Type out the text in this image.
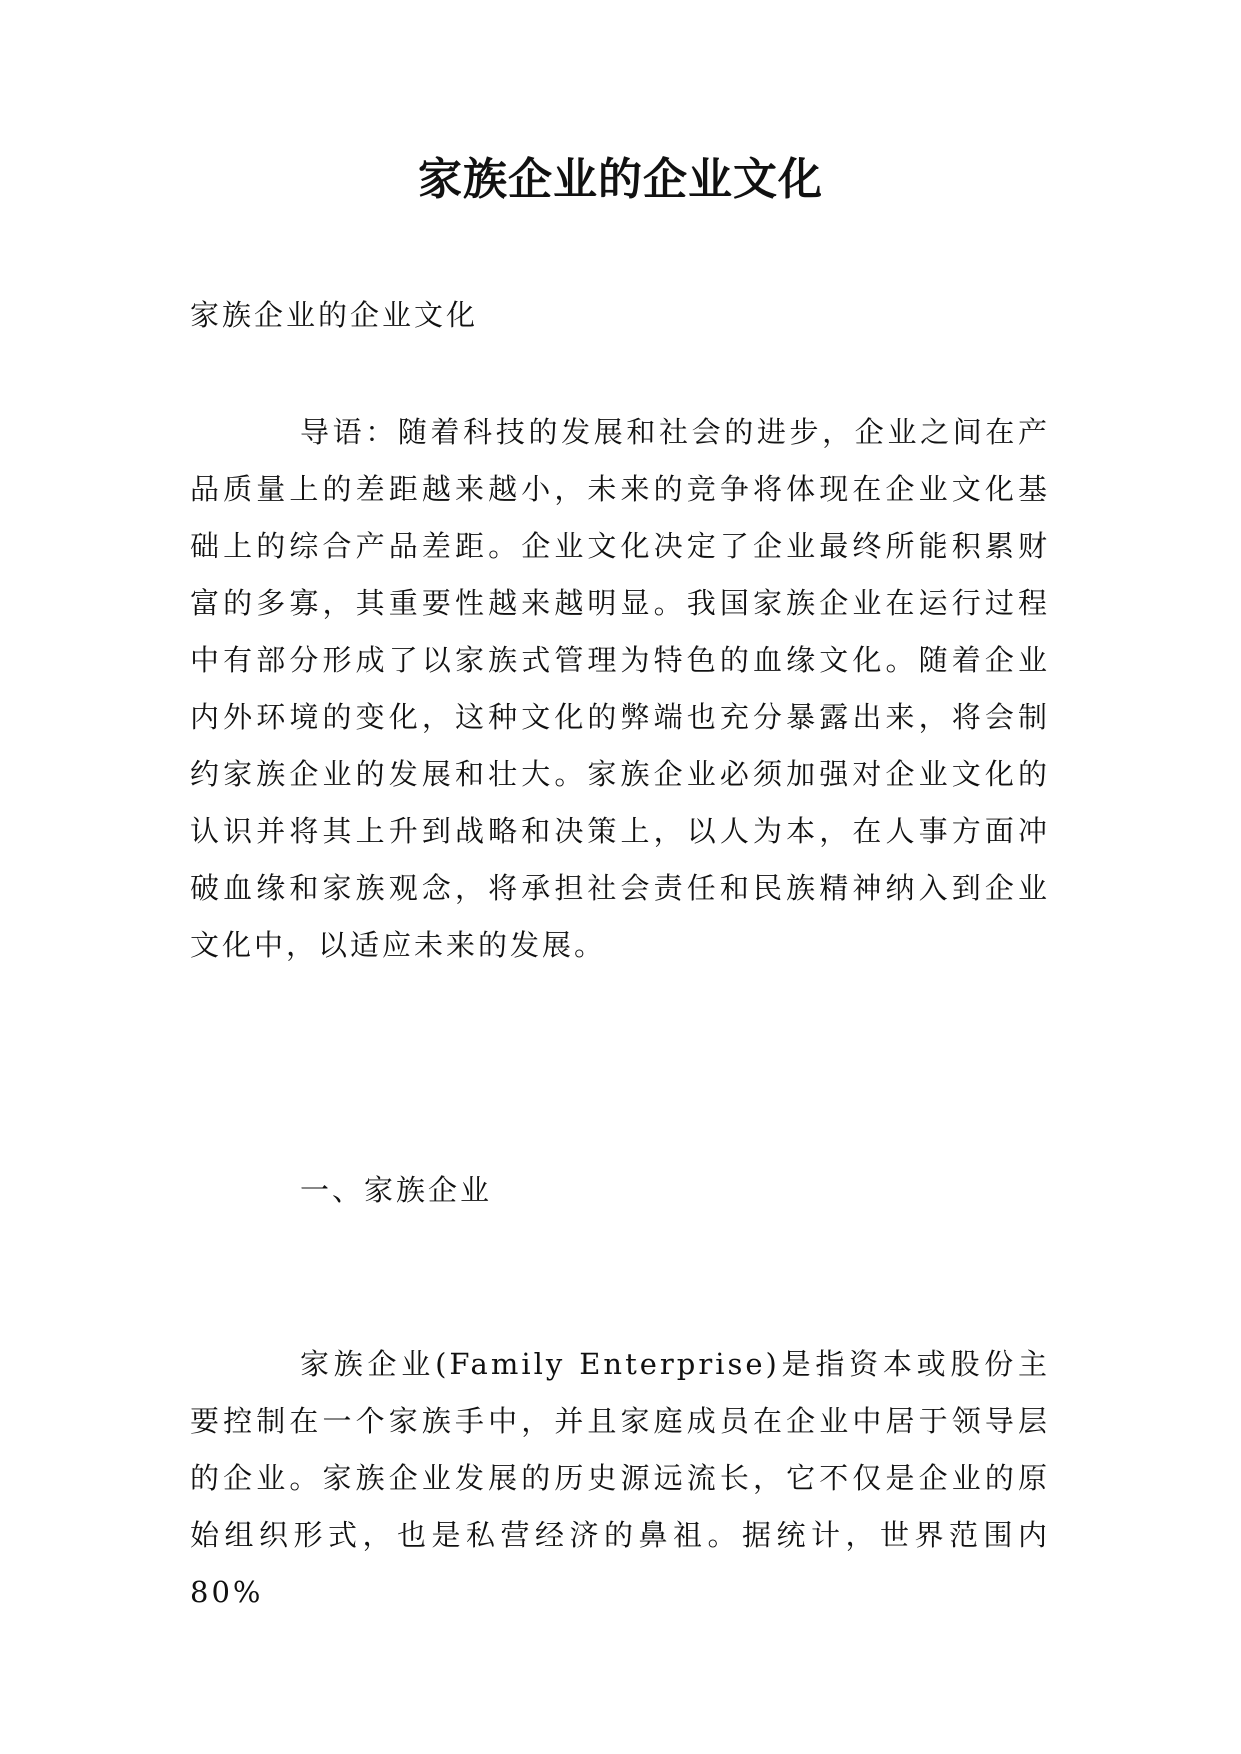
家族企业的企业文化

家族企业的企业文化

导语：随着科技的发展和社会的进步，企业之间在产品质量上的差距越来越小，未来的竞争将体现在企业文化基础上的综合产品差距。企业文化决定了企业最终所能积累财富的多寡，其重要性越来越明显。我国家族企业在运行过程中有部分形成了以家族式管理为特色的血缘文化。随着企业内外环境的变化，这种文化的弊端也充分暴露出来，将会制约家族企业的发展和壮大。家族企业必须加强对企业文化的认识并将其上升到战略和决策上，以人为本，在人事方面冲破血缘和家族观念，将承担社会责任和民族精神纳入到企业文化中，以适应未来的发展。

一、家族企业

家族企业(Family Enterprise)是指资本或股份主要控制在一个家族手中，并且家庭成员在企业中居于领导层的企业。家族企业发展的历史源远流长，它不仅是企业的原始组织形式，也是私营经济的鼻祖。据统计，世界范围内80%
